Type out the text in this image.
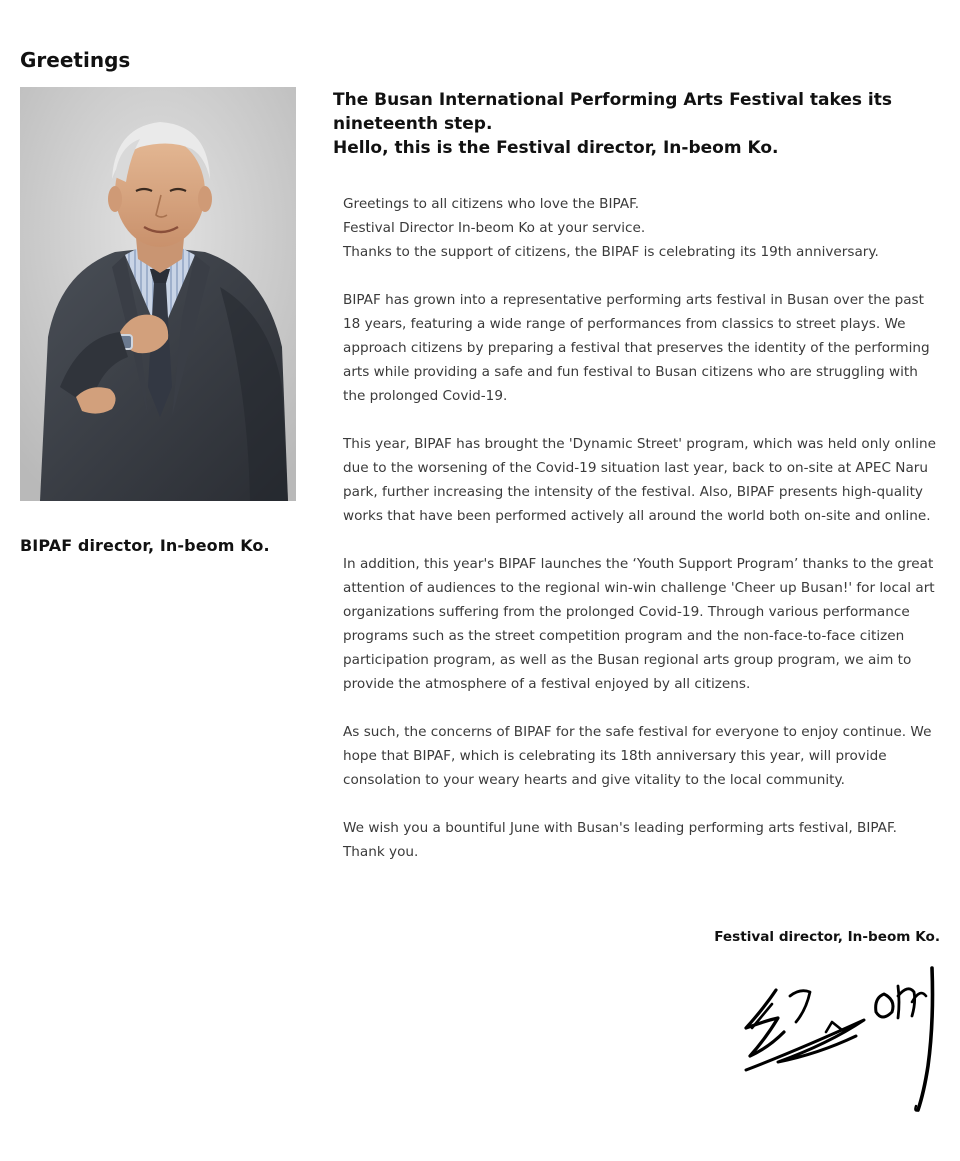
Greetings
BIPAF director, In-beom Ko.
The Busan International Performing Arts Festival takes its
nineteenth step.
Hello, this is the Festival director, In-beom Ko.

Greetings to all citizens who love the BIPAF.
Festival Director In-beom Ko at your service.
Thanks to the support of citizens, the BIPAF is celebrating its 19th anniversary.

BIPAF has grown into a representative performing arts festival in Busan over the past 18 years, featuring a wide range of performances from classics to street plays. We approach citizens by preparing a festival that preserves the identity of the performing arts while providing a safe and fun festival to Busan citizens who are struggling with the prolonged Covid-19.

This year, BIPAF has brought the 'Dynamic Street' program, which was held only online due to the worsening of the Covid-19 situation last year, back to on-site at APEC Naru park, further increasing the intensity of the festival. Also, BIPAF presents high-quality works that have been performed actively all around the world both on-site and online.

In addition, this year's BIPAF launches the ‘Youth Support Program’ thanks to the great attention of audiences to the regional win-win challenge 'Cheer up Busan!' for local art organizations suffering from the prolonged Covid-19. Through various performance programs such as the street competition program and the non-face-to-face citizen participation program, as well as the Busan regional arts group program, we aim to provide the atmosphere of a festival enjoyed by all citizens.

As such, the concerns of BIPAF for the safe festival for everyone to enjoy continue. We hope that BIPAF, which is celebrating its 18th anniversary this year, will provide consolation to your weary hearts and give vitality to the local community.

We wish you a bountiful June with Busan's leading performing arts festival, BIPAF.
Thank you.

Festival director, In-beom Ko.
